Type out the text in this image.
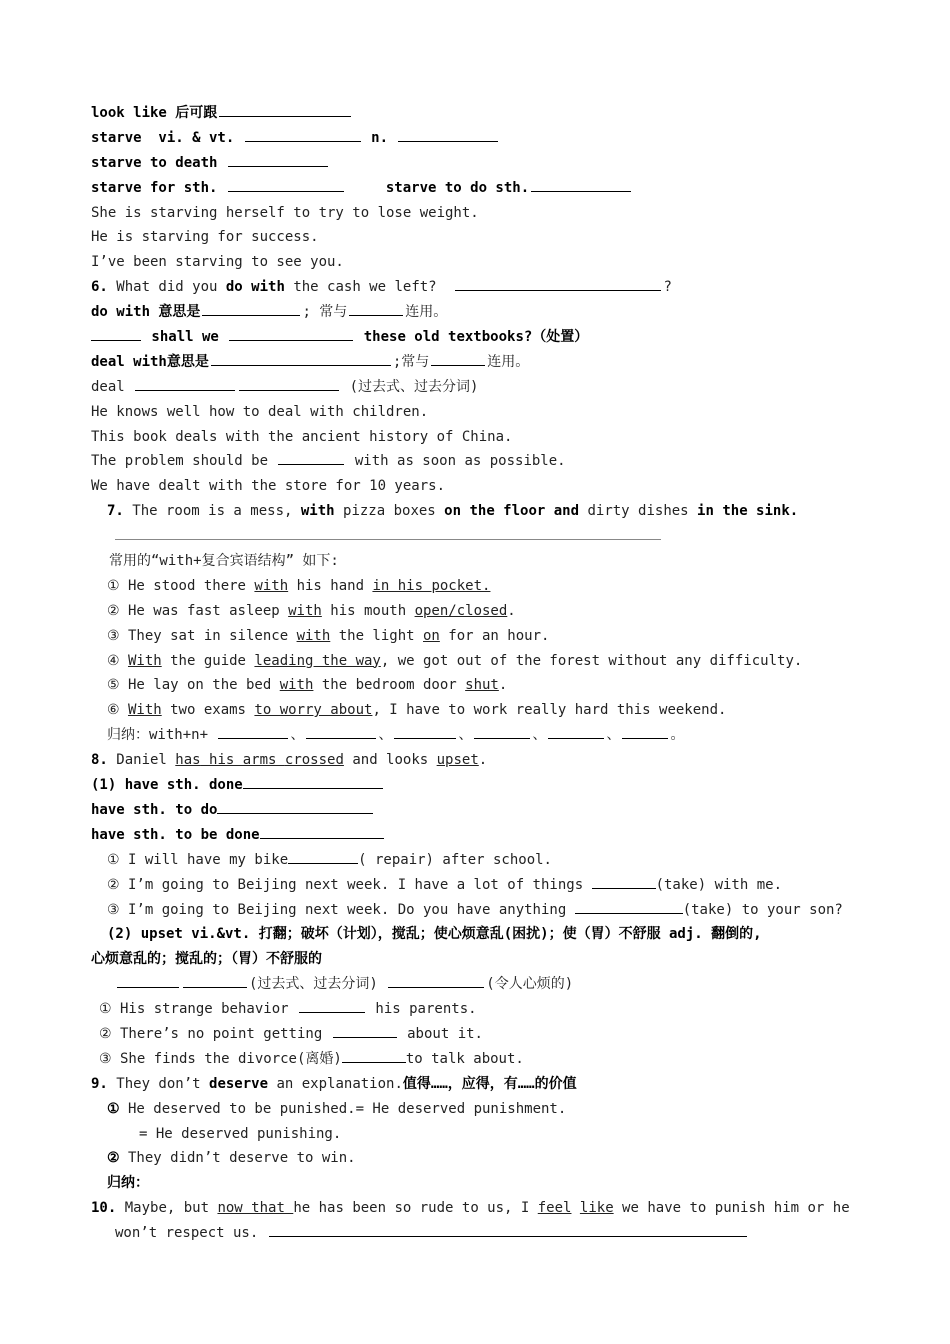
look like 后可跟
starve  vi. & vt.	n.
starve to death
starve for sth.	starve to do sth.
She is starving herself to try to lose weight.
He is starving for success.
I’ve been starving to see you.
6. What did you do with the cash we left?	?
do with 意思是	; 常与	连用。
shall we	these old textbooks?（处置）
deal with意思是	;常与	连用。
deal	(过去式、过去分词)
He knows well how to deal with children.
This book deals with the ancient history of China.
The problem should be	with as soon as possible.
We have dealt with the store for 10 years.
7. The room is a mess, with pizza boxes on the floor and dirty dishes in the sink.
常用的“with+复合宾语结构” 如下:
① He stood there with his hand in his pocket.
② He was fast asleep with his mouth open/closed.
③ They sat in silence with the light on for an hour.
④ With the guide leading the way, we got out of the forest without any difficulty.
⑤ He lay on the bed with the bedroom door shut.
⑥ With two exams to worry about, I have to work really hard this weekend.
归纳：with+n+	、	、	、	、	、	。
8. Daniel has his arms crossed and looks upset.
(1) have sth. done
have sth. to do
have sth. to be done
① I will have my bike	( repair) after school.
② I’m going to Beijing next week. I have a lot of things	(take) with me.
③ I’m going to Beijing next week. Do you have anything	(take) to your son?
(2) upset vi.&vt. 打翻；破坏（计划），搅乱；使心烦意乱(困扰)；使（胃）不舒服 adj. 翻倒的,
心烦意乱的；搅乱的；（胃）不舒服的
(过去式、过去分词)	(令人心烦的)
① His strange behavior	his parents.
② There’s no point getting	about it.
③ She finds the divorce(离婚)	to talk about.
9. They don’t deserve an explanation.值得……，应得，有……的价值
① He deserved to be punished.= He deserved punishment.
= He deserved punishing.
② They didn’t deserve to win.
归纳：
10. Maybe, but now that he has been so rude to us, I feel like we have to punish him or he
won’t respect us.
